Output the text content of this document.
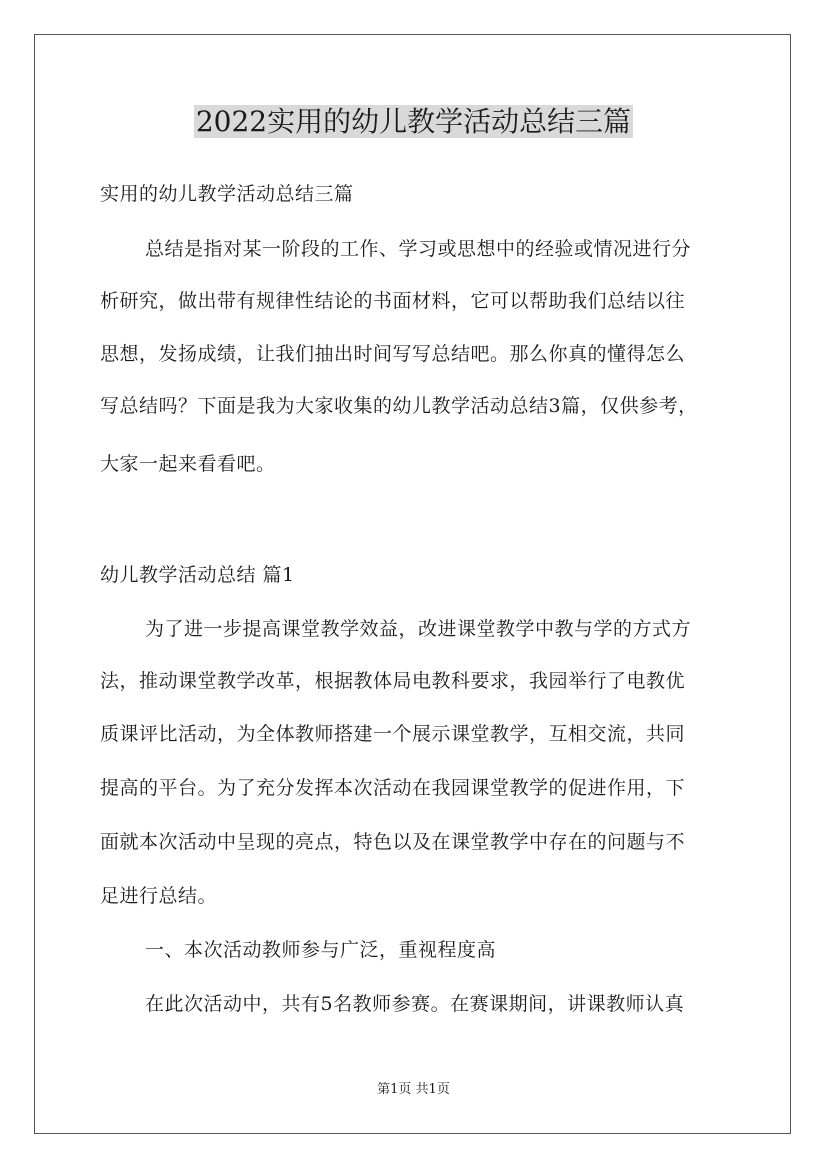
2022实用的幼儿教学活动总结三篇

实用的幼儿教学活动总结三篇

总结是指对某一阶段的工作、学习或思想中的经验或情况进行分

析研究，做出带有规律性结论的书面材料，它可以帮助我们总结以往

思想，发扬成绩，让我们抽出时间写写总结吧。那么你真的懂得怎么

写总结吗？下面是我为大家收集的幼儿教学活动总结3篇，仅供参考，

大家一起来看看吧。

幼儿教学活动总结 篇1

为了进一步提高课堂教学效益，改进课堂教学中教与学的方式方

法，推动课堂教学改革，根据教体局电教科要求，我园举行了电教优

质课评比活动，为全体教师搭建一个展示课堂教学，互相交流，共同

提高的平台。为了充分发挥本次活动在我园课堂教学的促进作用，下

面就本次活动中呈现的亮点，特色以及在课堂教学中存在的问题与不

足进行总结。

一、本次活动教师参与广泛，重视程度高

在此次活动中，共有5名教师参赛。在赛课期间，讲课教师认真

第1页 共1页
